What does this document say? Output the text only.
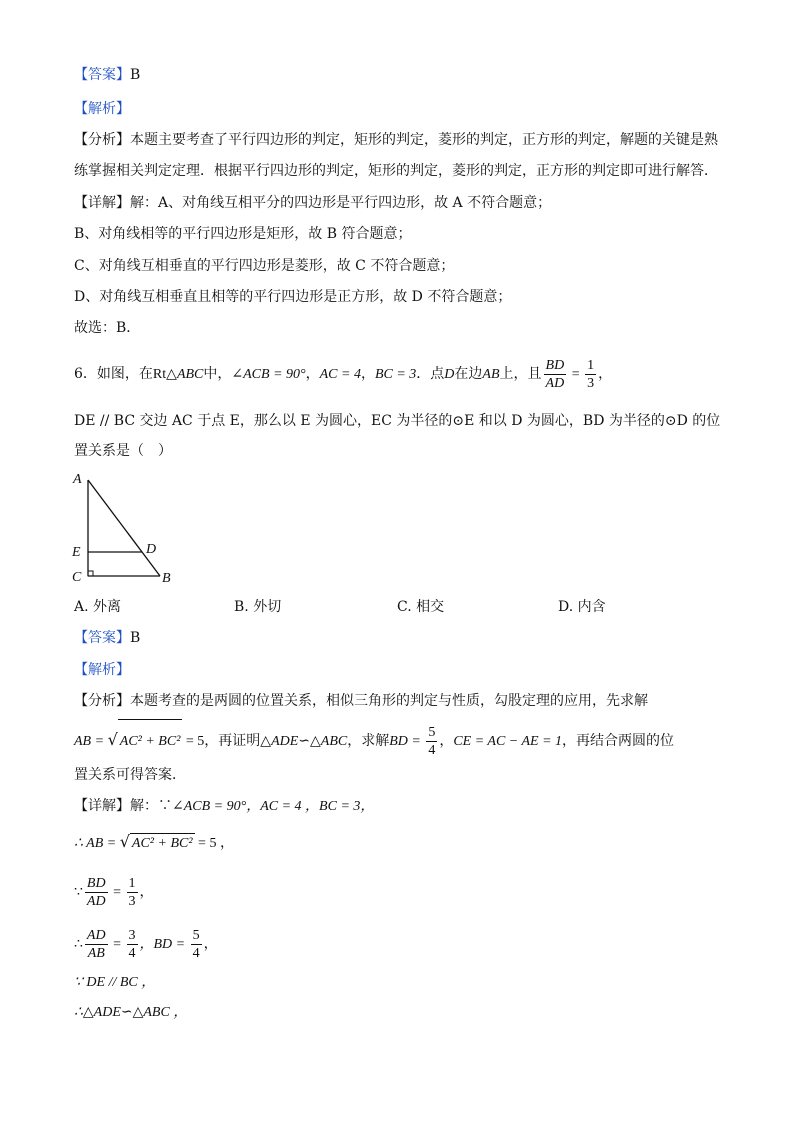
【答案】B
【解析】
【分析】本题主要考查了平行四边形的判定，矩形的判定，菱形的判定，正方形的判定，解题的关键是熟
练掌握相关判定定理．根据平行四边形的判定，矩形的判定，菱形的判定，正方形的判定即可进行解答．
【详解】解：A、对角线互相平分的四边形是平行四边形，故 A 不符合题意；
B、对角线相等的平行四边形是矩形，故 B 符合题意；
C、对角线互相垂直的平行四边形是菱形，故 C 不符合题意；
D、对角线互相垂直且相等的平行四边形是正方形，故 D 不符合题意；
故选：B．
6．如图，在Rt△ABC中，∠ACB = 90°，AC = 4，BC = 3．点D在边AB上，且 $\frac{BD}{AD} = \frac{1}{3}$ ，
DE // BC 交边 AC 于点 E，那么以 E 为圆心，EC 为半径的⊙E 和以 D 为圆心，BD 为半径的⊙D 的位
置关系是（　）
A
E	D
C	B
A. 外离	B. 外切	C. 相交	D. 内含
【答案】B
【解析】
【分析】本题考查的是两圆的位置关系，相似三角形的判定与性质，勾股定理的应用，先求解
AB = √ AC² + BC² = 5，再证明△ADE∽△ABC，求解BD = $\frac{5}{4}$ ，CE = AC − AE = 1，再结合两圆的位
置关系可得答案．
【详解】解：∵∠ACB = 90°，AC = 4 ，BC = 3，
∴ AB = √ AC² + BC² = 5 ，
∵ $\frac{BD}{AD} = \frac{1}{3}$ ，
∴ $\frac{AD}{AB} = \frac{3}{4}$ ，BD = $\frac{5}{4}$ ，
∵ DE // BC ，
∴△ADE∽△ABC ，
